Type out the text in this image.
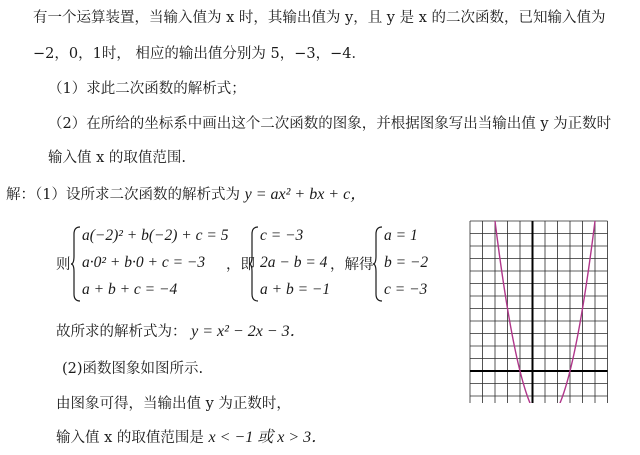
有一个运算装置，当输入值为 x 时，其输出值为 y，且 y 是 x 的二次函数，已知输入值为
−2，0，1时， 相应的输出值分别为 5，−3，−4．
（1）求此二次函数的解析式；
（2）在所给的坐标系中画出这个二次函数的图象，并根据图象写出当输出值 y 为正数时
输入值 x 的取值范围.
解：（1）设所求二次函数的解析式为 y = ax² + bx + c，
则
a(−2)² + b(−2) + c = 5
a·0² + b·0 + c = −3
a + b + c = −4
，即
c = −3
2a − b = 4
a + b = −1
，解得
a = 1
b = −2
c = −3
故所求的解析式为： y = x² − 2x − 3．
(2)函数图象如图所示.
由图象可得，当输出值 y 为正数时，
输入值 x 的取值范围是 x < −1 或 x > 3．
